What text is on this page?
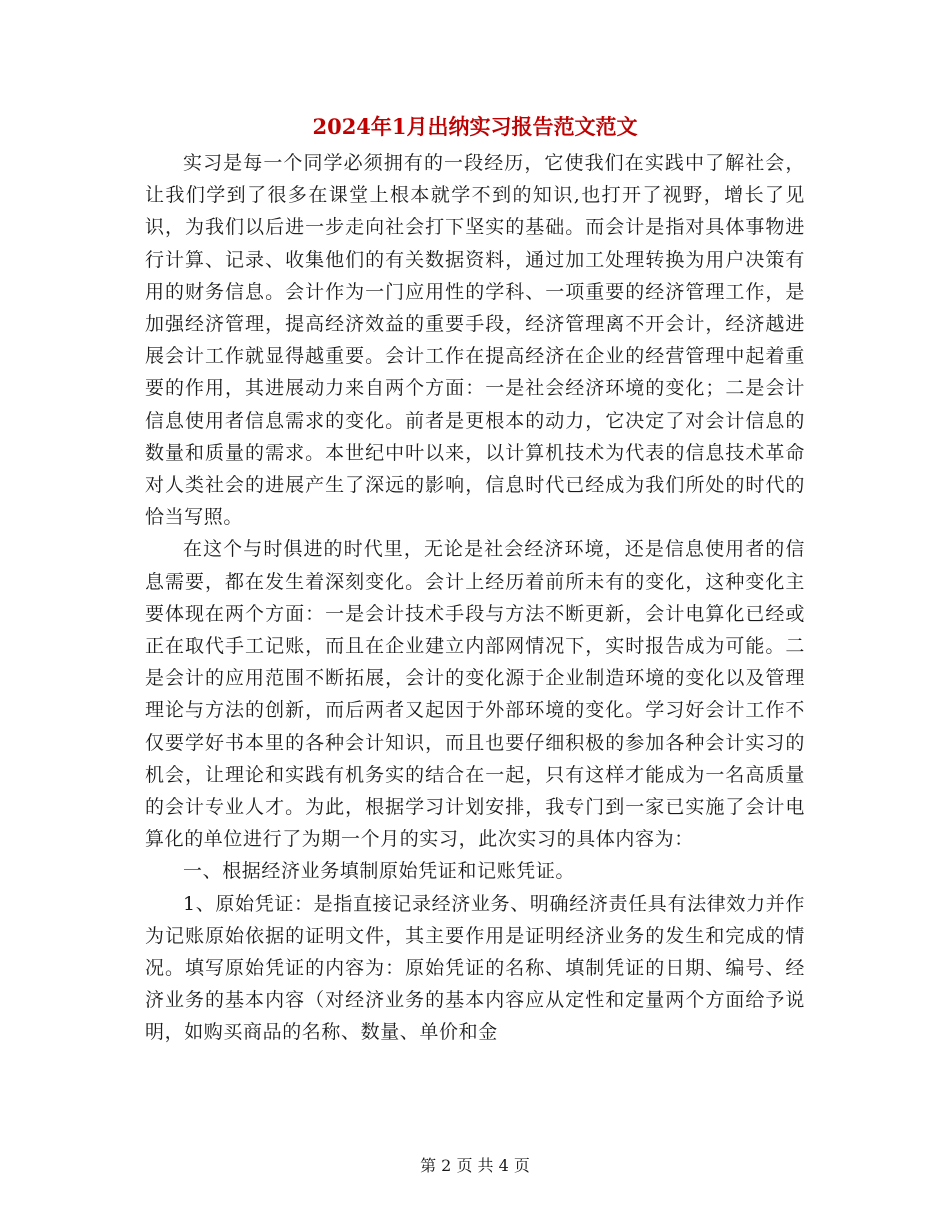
2024年1月出纳实习报告范文范文

实习是每一个同学必须拥有的一段经历，它使我们在实践中了解社会，让我们学到了很多在课堂上根本就学不到的知识,也打开了视野，增长了见识，为我们以后进一步走向社会打下坚实的基础。而会计是指对具体事物进行计算、记录、收集他们的有关数据资料，通过加工处理转换为用户决策有用的财务信息。会计作为一门应用性的学科、一项重要的经济管理工作，是加强经济管理，提高经济效益的重要手段，经济管理离不开会计，经济越进展会计工作就显得越重要。会计工作在提高经济在企业的经营管理中起着重要的作用，其进展动力来自两个方面：一是社会经济环境的变化；二是会计信息使用者信息需求的变化。前者是更根本的动力，它决定了对会计信息的数量和质量的需求。本世纪中叶以来，以计算机技术为代表的信息技术革命对人类社会的进展产生了深远的影响，信息时代已经成为我们所处的时代的恰当写照。

在这个与时俱进的时代里，无论是社会经济环境，还是信息使用者的信息需要，都在发生着深刻变化。会计上经历着前所未有的变化，这种变化主要体现在两个方面：一是会计技术手段与方法不断更新，会计电算化已经或正在取代手工记账，而且在企业建立内部网情况下，实时报告成为可能。二是会计的应用范围不断拓展，会计的变化源于企业制造环境的变化以及管理理论与方法的创新，而后两者又起因于外部环境的变化。学习好会计工作不仅要学好书本里的各种会计知识，而且也要仔细积极的参加各种会计实习的机会，让理论和实践有机务实的结合在一起，只有这样才能成为一名高质量的会计专业人才。为此，根据学习计划安排，我专门到一家已实施了会计电算化的单位进行了为期一个月的实习，此次实习的具体内容为：

一、根据经济业务填制原始凭证和记账凭证。

1、原始凭证：是指直接记录经济业务、明确经济责任具有法律效力并作为记账原始依据的证明文件，其主要作用是证明经济业务的发生和完成的情况。填写原始凭证的内容为：原始凭证的名称、填制凭证的日期、编号、经济业务的基本内容（对经济业务的基本内容应从定性和定量两个方面给予说明，如购买商品的名称、数量、单价和金

第 2 页 共 4 页
